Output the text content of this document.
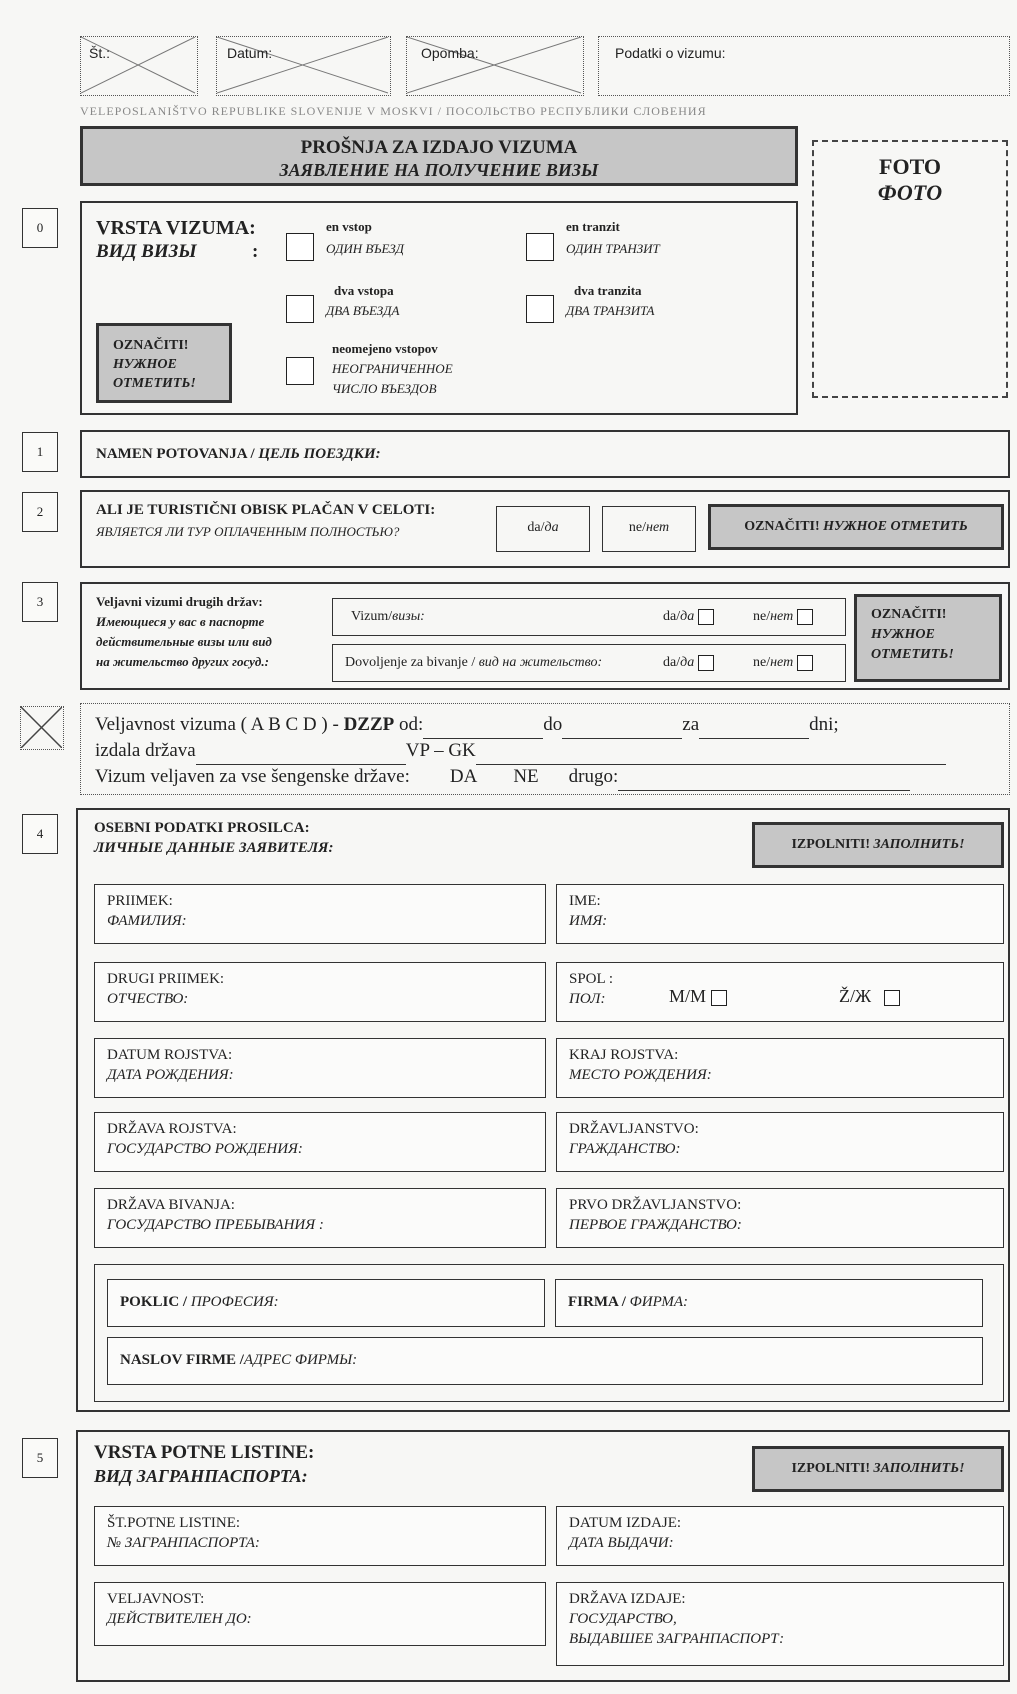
Št.:	Datum:	Opomba:	Podatki o vizumu:
VELEPOSLANIŠTVO REPUBLIKE SLOVENIJE V MOSKVI / ПОСОЛЬСТВО РЕСПУБЛИКИ СЛОВЕНИЯ
PROŠNJA ZA IZDAJO VIZUMA
ЗАЯВЛЕНИЕ НА ПОЛУЧЕНИЕ ВИЗЫ	FOTO
ФОТО
0	VRSTA VIZUMA:
ВИД ВИЗЫ	:
en vstop
ОДИН ВЪЕЗД
en tranzit
ОДИН ТРАНЗИТ
dva vstopa
ДВА ВЪЕЗДА
dva tranzita
ДВА ТРАНЗИТА
neomejeno vstopov
НЕОГРАНИЧЕННОЕ
ЧИСЛО ВЪЕЗДОВ
OZNAČITI!
НУЖНОЕ
ОТМЕТИТЬ!
1	NAMEN POTOVANJA / ЦЕЛЬ ПОЕЗДКИ:
2	ALI JE TURISTIČNI OBISK PLAČAN V CELOTI:
ЯВЛЯЕТСЯ ЛИ ТУР ОПЛАЧЕННЫМ ПОЛНОСТЬЮ?	da/да	ne/нет	OZNAČITI! НУЖНОЕ ОТМЕТИТЬ
3	Veljavni vizumi drugih držav:
Имеющиеся у вас в паспорте
действительные визы или вид
на жительство других госуд.:
Vizum/визы:	da/да	ne/нет
Dovoljenje za bivanje / вид на жительство:	da/да	ne/нет
OZNAČITI!
НУЖНОЕ
ОТМЕТИТЬ!
Veljavnost vizuma ( A B C D ) - DZZP od:	do	za	dni;
izdala država	VP – GK
Vizum veljaven za vse šengenske države: DA NE drugo:
4	OSEBNI PODATKI PROSILCA:
ЛИЧНЫЕ ДАННЫЕ ЗАЯВИТЕЛЯ:	IZPOLNITI! ЗАПОЛНИТЬ!
PRIIMEK:
ФАМИЛИЯ:
IME:
ИМЯ:
DRUGI PRIIMEK:
ОТЧЕСТВО:
SPOL :
ПОЛ:	M/М	Ž/Ж
DATUM ROJSTVA:
ДАТА РОЖДЕНИЯ:
KRAJ ROJSTVA:
МЕСТО РОЖДЕНИЯ:
DRŽAVA ROJSTVA:
ГОСУДАРСТВО РОЖДЕНИЯ:
DRŽAVLJANSTVO:
ГРАЖДАНСТВО:
DRŽAVA BIVANJA:
ГОСУДАРСТВО ПРЕБЫВАНИЯ :
PRVO DRŽAVLJANSTVO:
ПЕРВОЕ ГРАЖДАНСТВО:
POKLIC / ПРОФЕСИЯ:	FIRMA / ФИРМА:
NASLOV FIRME /АДРЕС ФИРМЫ:
5	VRSTA POTNE LISTINE:
ВИД ЗАГРАНПАСПОРТА:	IZPOLNITI! ЗАПОЛНИТЬ!
ŠT.POTNE LISTINE:
№ ЗАГРАНПАСПОРТА:
DATUM IZDAJE:
ДАТА ВЫДАЧИ:
VELJAVNOST:
ДЕЙСТВИТЕЛЕН ДО:
DRŽAVA IZDAJE:
ГОСУДАРСТВО,
ВЫДАВШЕЕ ЗАГРАНПАСПОРТ:
